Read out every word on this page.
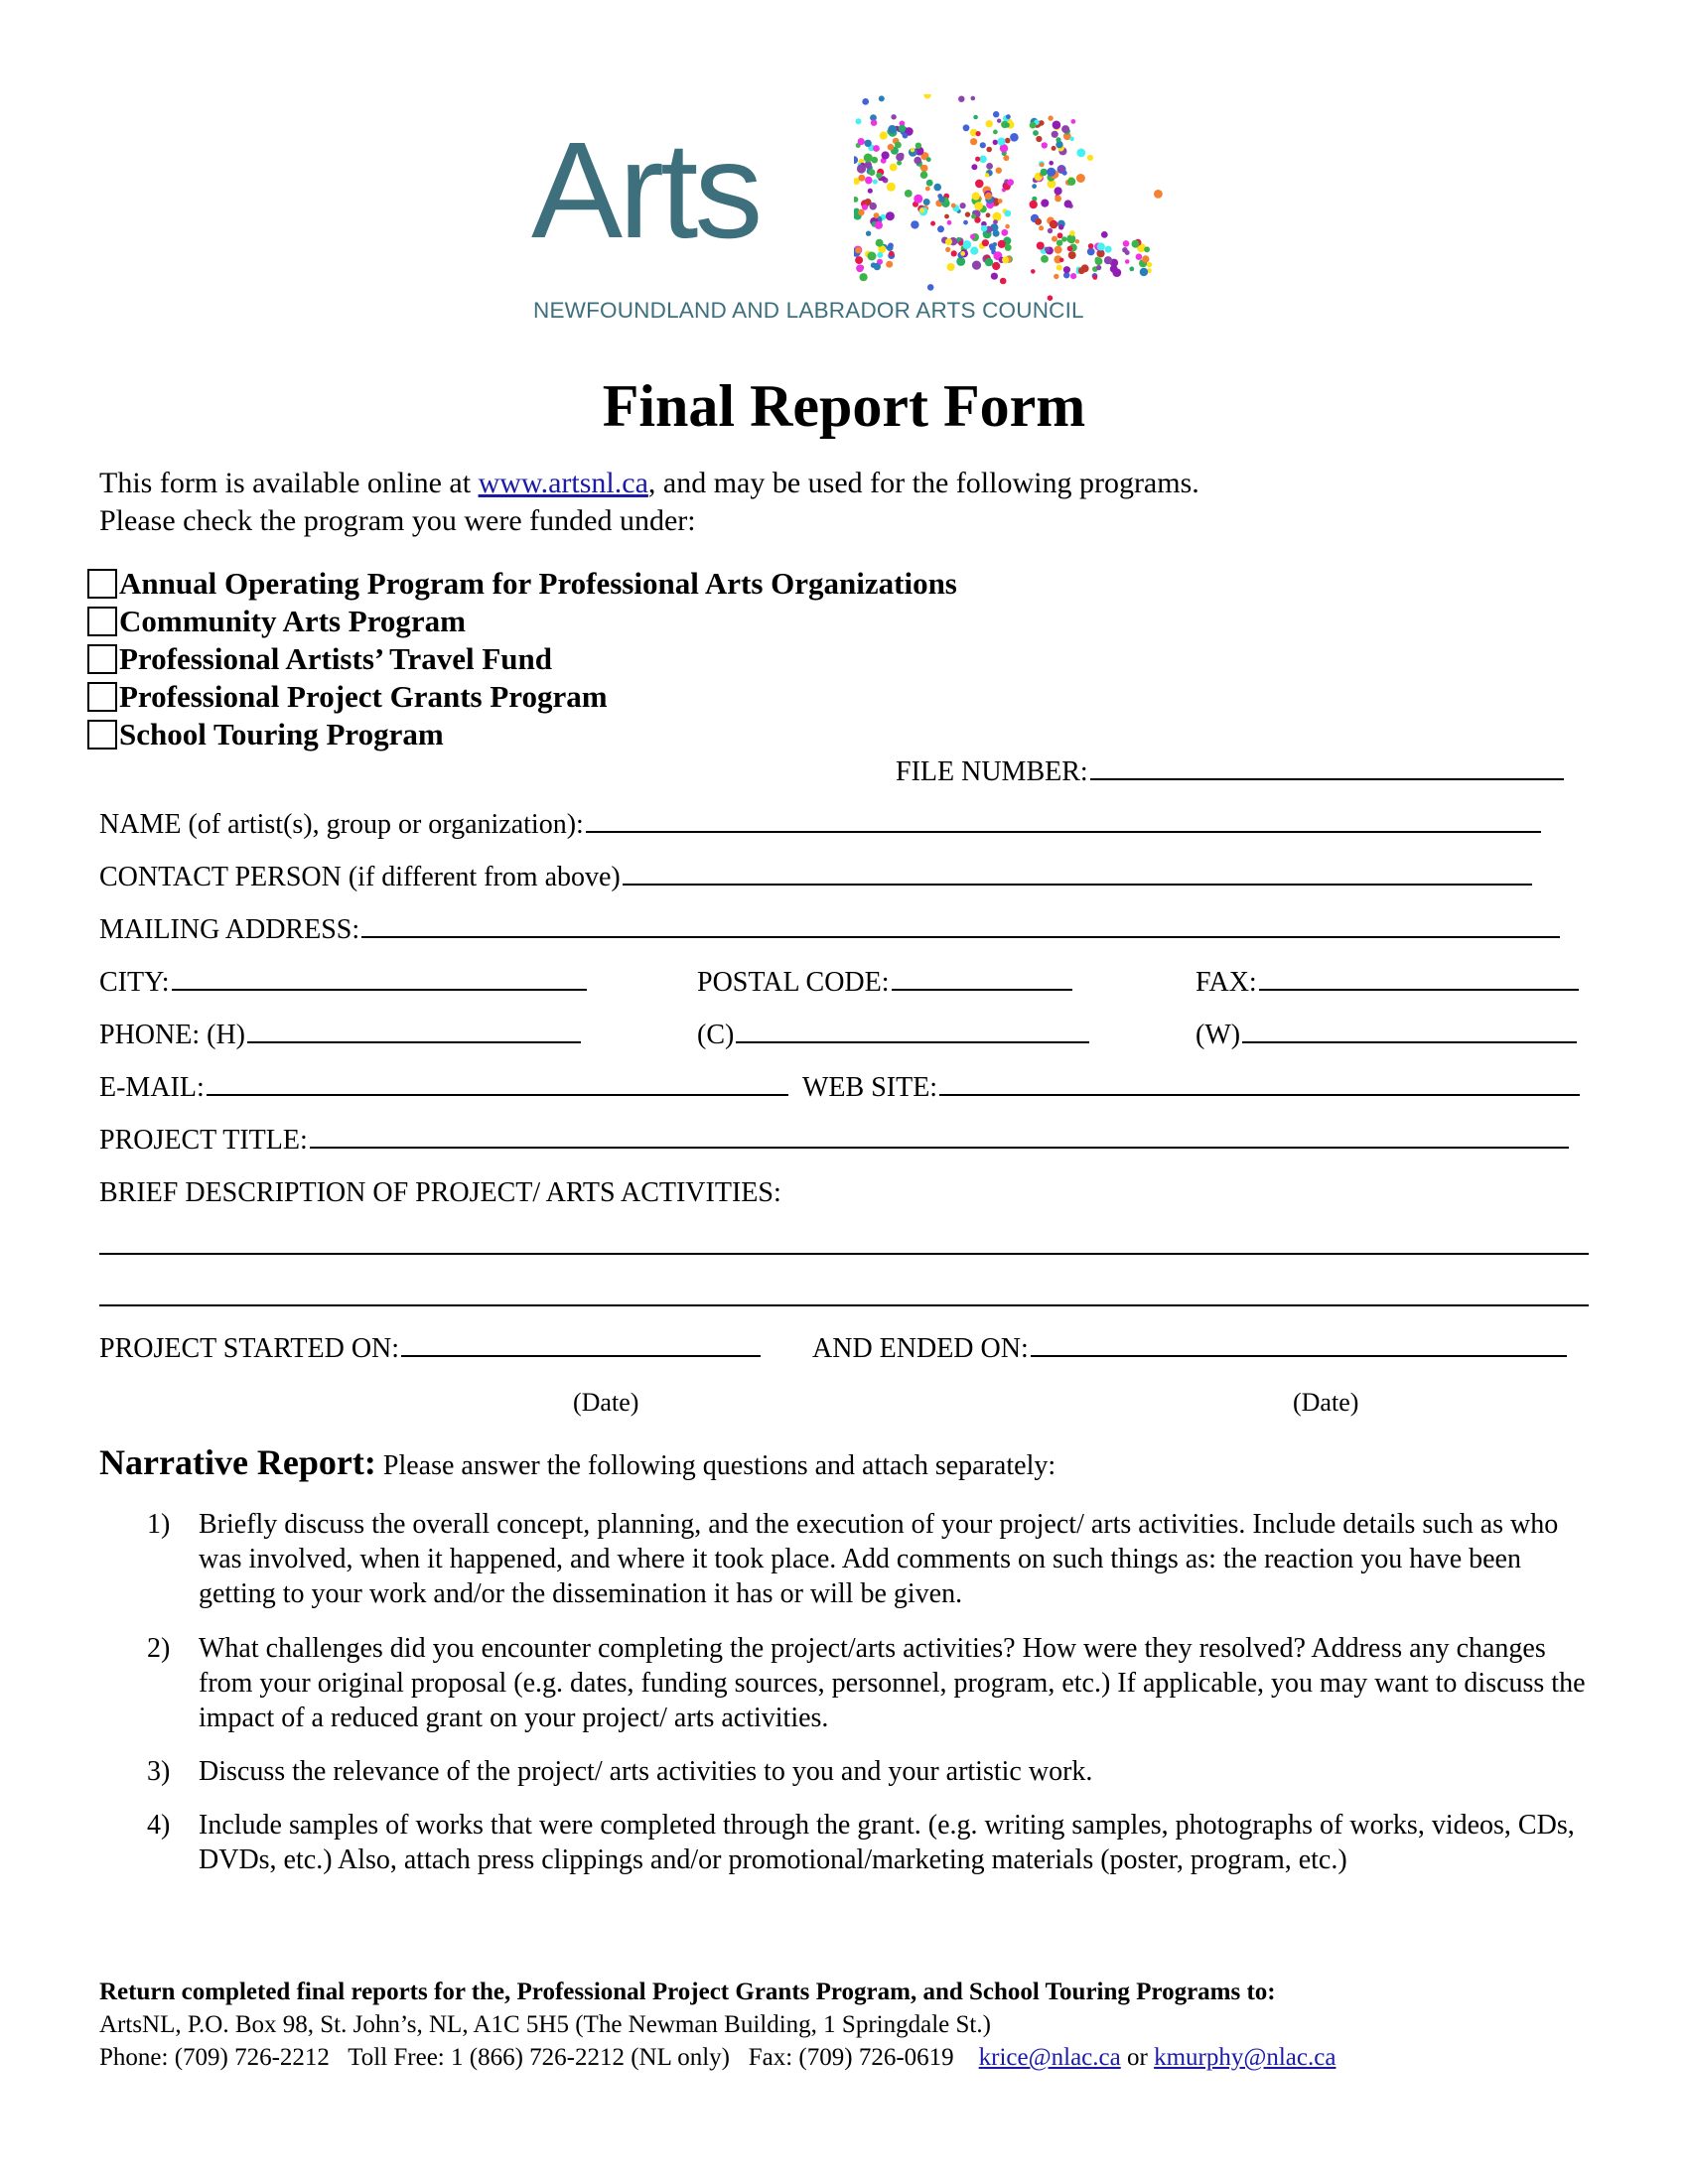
Arts
NEWFOUNDLAND AND LABRADOR ARTS COUNCIL
Final Report Form
This form is available online at www.artsnl.ca, and may be used for the following programs.
Please check the program you were funded under:
Annual Operating Program for Professional Arts Organizations
Community Arts Program
Professional Artists’ Travel Fund
Professional Project Grants Program
School Touring Program
FILE NUMBER:
NAME (of artist(s), group or organization):
CONTACT PERSON (if different from above)
MAILING ADDRESS:
CITY:	POSTAL CODE:	FAX:
PHONE: (H)	(C)	(W)
E-MAIL:	WEB SITE:
PROJECT TITLE:
BRIEF DESCRIPTION OF PROJECT/ ARTS ACTIVITIES:
PROJECT STARTED ON:	AND ENDED ON:
(Date)	(Date)
Narrative Report: Please answer the following questions and attach separately:
1) Briefly discuss the overall concept, planning, and the execution of your project/ arts activities. Include details such as who was involved, when it happened, and where it took place. Add comments on such things as: the reaction you have been getting to your work and/or the dissemination it has or will be given.
2) What challenges did you encounter completing the project/arts activities? How were they resolved? Address any changes from your original proposal (e.g. dates, funding sources, personnel, program, etc.) If applicable, you may want to discuss the impact of a reduced grant on your project/ arts activities.
3) Discuss the relevance of the project/ arts activities to you and your artistic work.
4) Include samples of works that were completed through the grant. (e.g. writing samples, photographs of works, videos, CDs, DVDs, etc.) Also, attach press clippings and/or promotional/marketing materials (poster, program, etc.)
Return completed final reports for the, Professional Project Grants Program, and School Touring Programs to:
ArtsNL, P.O. Box 98, St. John’s, NL, A1C 5H5 (The Newman Building, 1 Springdale St.)
Phone: (709) 726-2212   Toll Free: 1 (866) 726-2212 (NL only)   Fax: (709) 726-0619    krice@nlac.ca or kmurphy@nlac.ca
